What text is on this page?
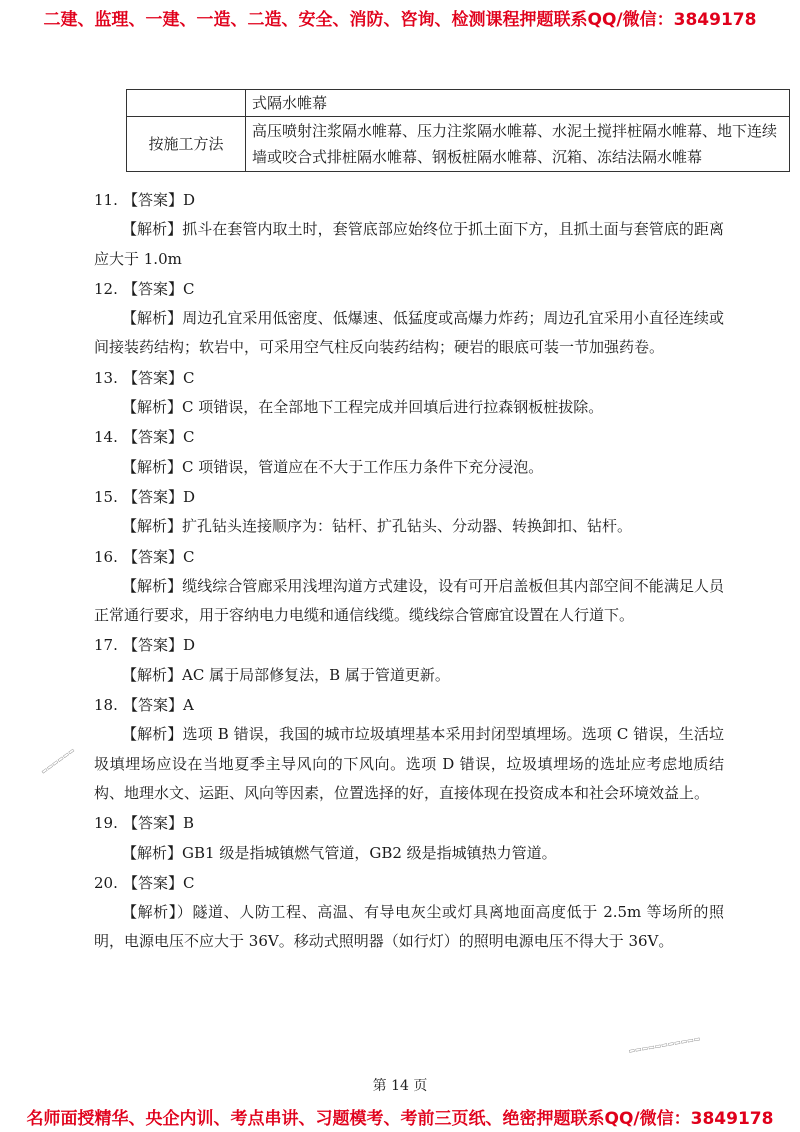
二建、监理、一建、一造、二造、安全、消防、咨询、检测课程押题联系QQ/微信：3849178
	式隔水帷幕
按施工方法	高压喷射注浆隔水帷幕、压力注浆隔水帷幕、水泥土搅拌桩隔水帷幕、地下连续墙或咬合式排桩隔水帷幕、钢板桩隔水帷幕、沉箱、冻结法隔水帷幕
11. 【答案】D
【解析】抓斗在套管内取土时，套管底部应始终位于抓土面下方，且抓土面与套管底的距离应大于 1.0m
12. 【答案】C
【解析】周边孔宜采用低密度、低爆速、低猛度或高爆力炸药；周边孔宜采用小直径连续或间接装药结构；软岩中，可采用空气柱反向装药结构；硬岩的眼底可装一节加强药卷。
13. 【答案】C
【解析】C 项错误，在全部地下工程完成并回填后进行拉森钢板桩拔除。
14. 【答案】C
【解析】C 项错误，管道应在不大于工作压力条件下充分浸泡。
15. 【答案】D
【解析】扩孔钻头连接顺序为：钻杆、扩孔钻头、分动器、转换卸扣、钻杆。
16. 【答案】C
【解析】缆线综合管廊采用浅埋沟道方式建设，设有可开启盖板但其内部空间不能满足人员正常通行要求，用于容纳电力电缆和通信线缆。缆线综合管廊宜设置在人行道下。
17. 【答案】D
【解析】AC 属于局部修复法，B 属于管道更新。
18. 【答案】A
【解析】选项 B 错误，我国的城市垃圾填埋基本采用封闭型填埋场。选项 C 错误，生活垃圾填埋场应设在当地夏季主导风向的下风向。选项 D 错误，垃圾填埋场的选址应考虑地质结构、地理水文、运距、风向等因素，位置选择的好，直接体现在投资成本和社会环境效益上。
19. 【答案】B
【解析】GB1 级是指城镇燃气管道，GB2 级是指城镇热力管道。
20. 【答案】C
【解析】）隧道、人防工程、高温、有导电灰尘或灯具离地面高度低于 2.5m 等场所的照明，电源电压不应大于 36V。移动式照明器（如行灯）的照明电源电压不得大于 36V。
▭▭▭▭▭▭
▭▭▭▭▭▭▭▭▭▭▭
第 14 页
名师面授精华、央企内训、考点串讲、习题模考、考前三页纸、绝密押题联系QQ/微信：3849178
